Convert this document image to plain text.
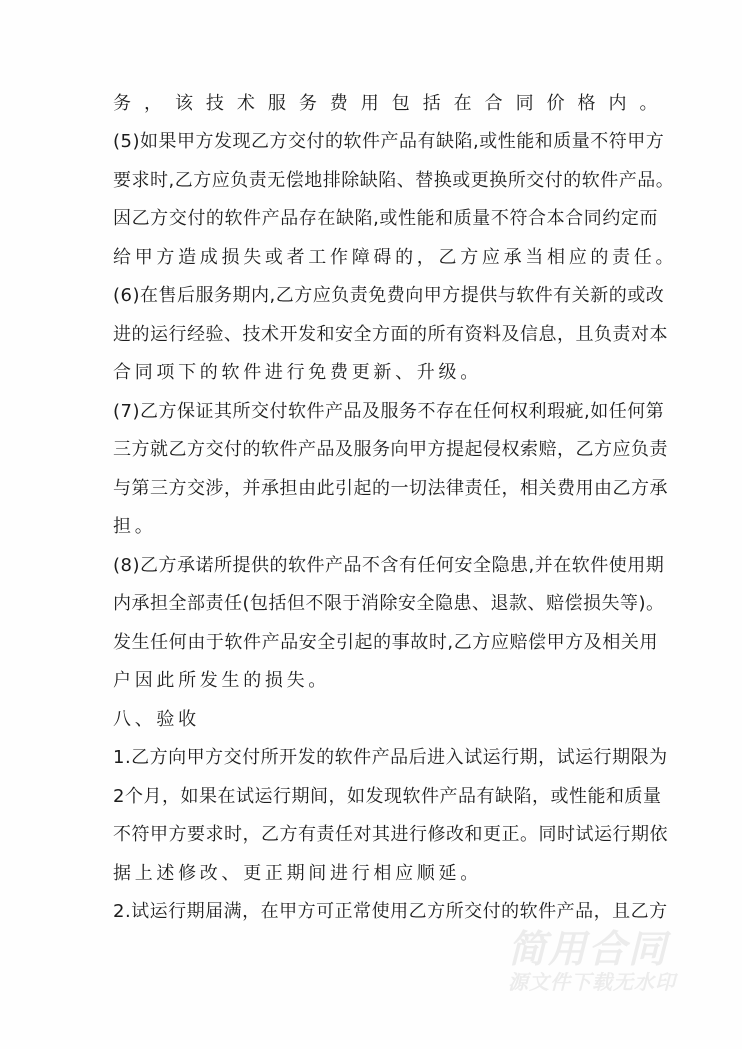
务，该技术服务费用包括在合同价格内。
(5)如果甲方发现乙方交付的软件产品有缺陷,或性能和质量不符甲方
要求时,乙方应负责无偿地排除缺陷、替换或更换所交付的软件产品。
因乙方交付的软件产品存在缺陷,或性能和质量不符合本合同约定而
给甲方造成损失或者工作障碍的，乙方应承当相应的责任。
(6)在售后服务期内,乙方应负责免费向甲方提供与软件有关新的或改
进的运行经验、技术开发和安全方面的所有资料及信息，且负责对本
合同项下的软件进行免费更新、升级。
(7)乙方保证其所交付软件产品及服务不存在任何权利瑕疵,如任何第
三方就乙方交付的软件产品及服务向甲方提起侵权索赔，乙方应负责
与第三方交涉，并承担由此引起的一切法律责任，相关费用由乙方承
担。
(8)乙方承诺所提供的软件产品不含有任何安全隐患,并在软件使用期
内承担全部责任(包括但不限于消除安全隐患、退款、赔偿损失等)。
发生任何由于软件产品安全引起的事故时,乙方应赔偿甲方及相关用
户因此所发生的损失。
八、验收
1.乙方向甲方交付所开发的软件产品后进入试运行期，试运行期限为
2个月，如果在试运行期间，如发现软件产品有缺陷，或性能和质量
不符甲方要求时，乙方有责任对其进行修改和更正。同时试运行期依
据上述修改、更正期间进行相应顺延。
2.试运行期届满，在甲方可正常使用乙方所交付的软件产品，且乙方
简用合同
源文件下载无水印
